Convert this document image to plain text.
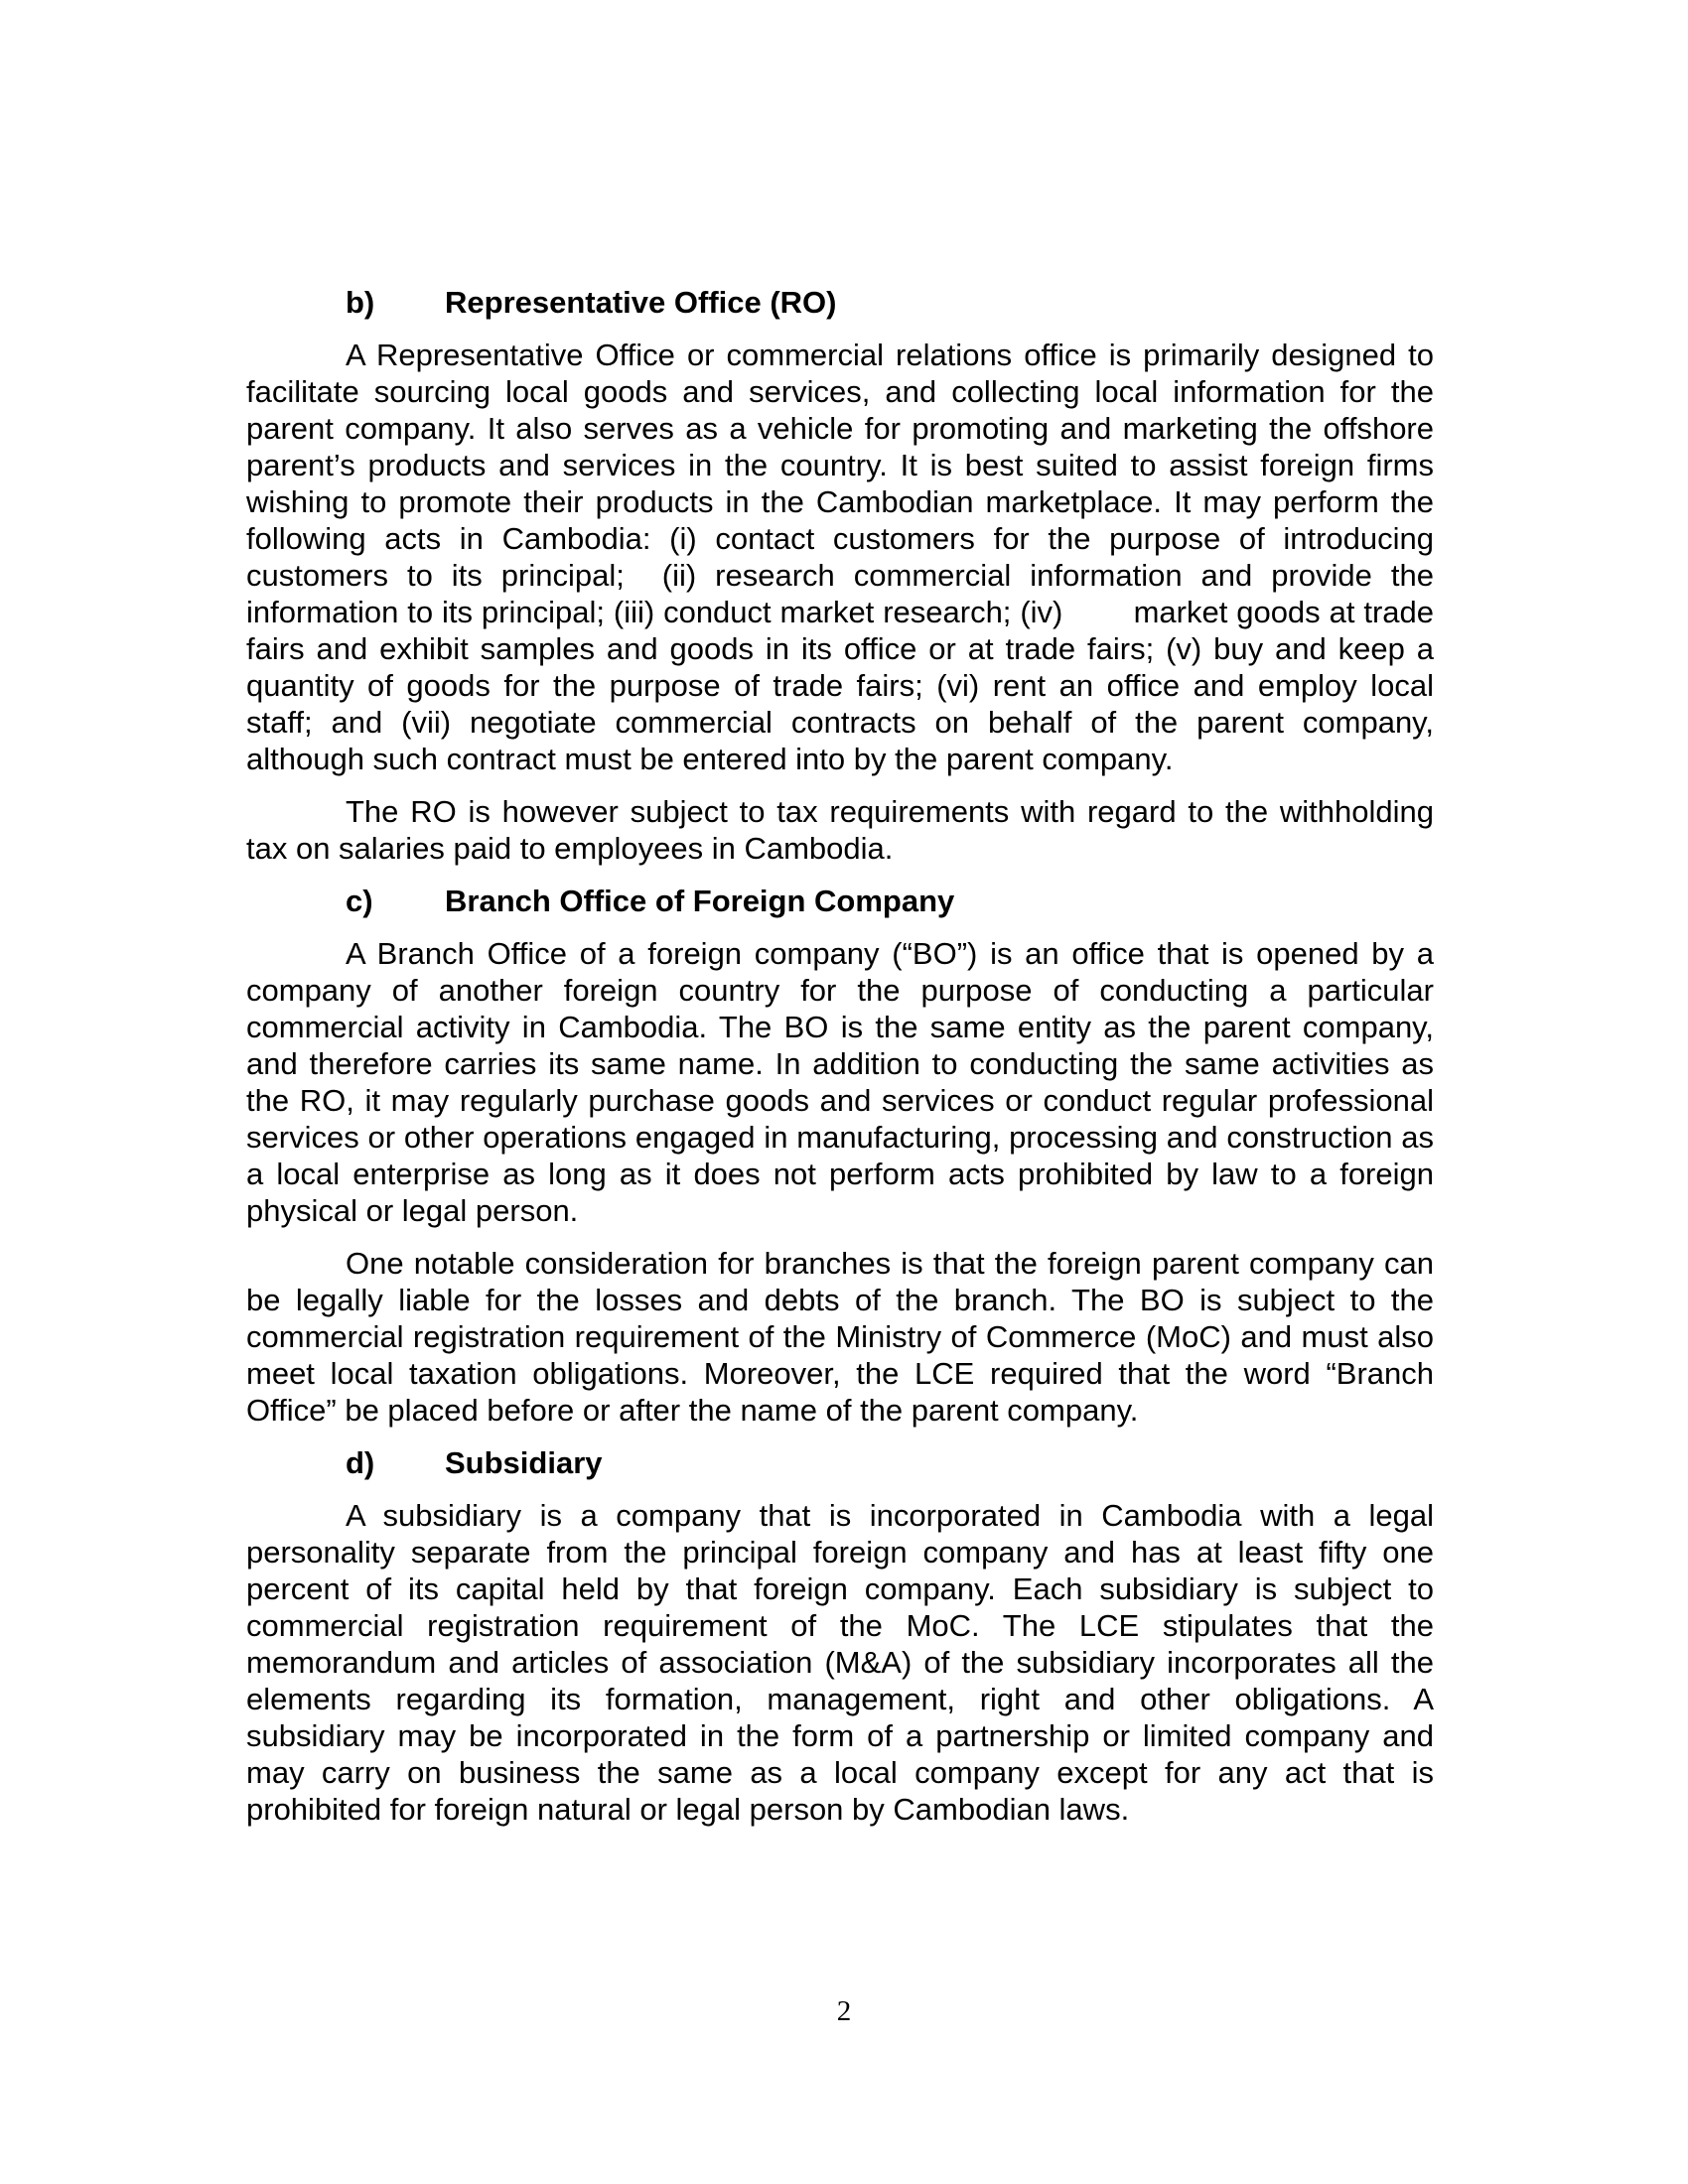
b)	Representative Office (RO)

A Representative Office or commercial relations office is primarily designed to facilitate sourcing local goods and services, and collecting local information for the parent company. It also serves as a vehicle for promoting and marketing the offshore parent’s products and services in the country. It is best suited to assist foreign firms wishing to promote their products in the Cambodian marketplace. It may perform the following acts in Cambodia: (i) contact customers for the purpose of introducing customers to its principal;  (ii) research commercial information and provide the information to its principal; (iii) conduct market research; (iv)        market goods at trade fairs and exhibit samples and goods in its office or at trade fairs; (v) buy and keep a quantity of goods for the purpose of trade fairs; (vi) rent an office and employ local staff; and (vii) negotiate commercial contracts on behalf of the parent company, although such contract must be entered into by the parent company.

The RO is however subject to tax requirements with regard to the withholding tax on salaries paid to employees in Cambodia.

c)	Branch Office of Foreign Company

A Branch Office of a foreign company (“BO”) is an office that is opened by a company of another foreign country for the purpose of conducting a particular commercial activity in Cambodia. The BO is the same entity as the parent company, and therefore carries its same name. In addition to conducting the same activities as the RO, it may regularly purchase goods and services or conduct regular professional services or other operations engaged in manufacturing, processing and construction as a local enterprise as long as it does not perform acts prohibited by law to a foreign physical or legal person.

One notable consideration for branches is that the foreign parent company can be legally liable for the losses and debts of the branch. The BO is subject to the commercial registration requirement of the Ministry of Commerce (MoC) and must also meet local taxation obligations. Moreover, the LCE required that the word “Branch Office” be placed before or after the name of the parent company.

d)	Subsidiary

A subsidiary is a company that is incorporated in Cambodia with a legal personality separate from the principal foreign company and has at least fifty one percent of its capital held by that foreign company. Each subsidiary is subject to commercial registration requirement of the MoC. The LCE stipulates that the memorandum and articles of association (M&A) of the subsidiary incorporates all the elements regarding its formation, management, right and other obligations. A subsidiary may be incorporated in the form of a partnership or limited company and may carry on business the same as a local company except for any act that is prohibited for foreign natural or legal person by Cambodian laws.

2
